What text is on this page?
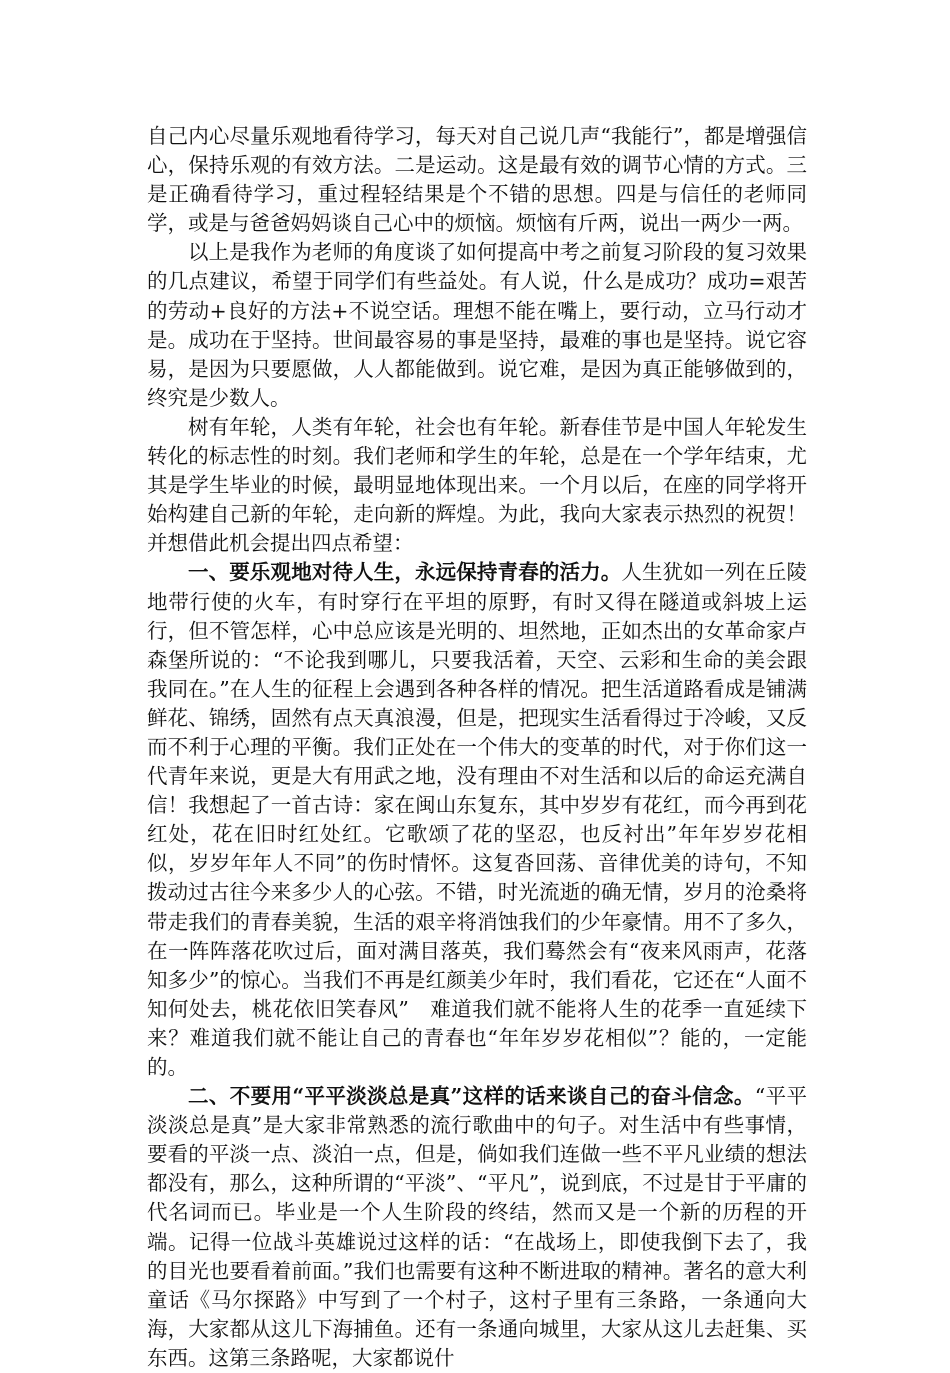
自己内心尽量乐观地看待学习，每天对自己说几声“我能行”，都是增强信心，保持乐观的有效方法。二是运动。这是最有效的调节心情的方式。三是正确看待学习，重过程轻结果是个不错的思想。四是与信任的老师同学，或是与爸爸妈妈谈自己心中的烦恼。烦恼有斤两，说出一两少一两。

以上是我作为老师的角度谈了如何提高中考之前复习阶段的复习效果的几点建议，希望于同学们有些益处。有人说，什么是成功？成功=艰苦的劳动+良好的方法+不说空话。理想不能在嘴上，要行动，立马行动才是。成功在于坚持。世间最容易的事是坚持，最难的事也是坚持。说它容易，是因为只要愿做，人人都能做到。说它难，是因为真正能够做到的，终究是少数人。

树有年轮，人类有年轮，社会也有年轮。新春佳节是中国人年轮发生转化的标志性的时刻。我们老师和学生的年轮，总是在一个学年结束，尤其是学生毕业的时候，最明显地体现出来。一个月以后，在座的同学将开始构建自己新的年轮，走向新的辉煌。为此，我向大家表示热烈的祝贺！并想借此机会提出四点希望：

一、要乐观地对待人生，永远保持青春的活力。人生犹如一列在丘陵地带行使的火车，有时穿行在平坦的原野，有时又得在隧道或斜坡上运行，但不管怎样，心中总应该是光明的、坦然地，正如杰出的女革命家卢森堡所说的：“不论我到哪儿，只要我活着，天空、云彩和生命的美会跟我同在。”在人生的征程上会遇到各种各样的情况。把生活道路看成是铺满鲜花、锦绣，固然有点天真浪漫，但是，把现实生活看得过于冷峻，又反而不利于心理的平衡。我们正处在一个伟大的变革的时代，对于你们这一代青年来说，更是大有用武之地，没有理由不对生活和以后的命运充满自信！我想起了一首古诗：家在闽山东复东，其中岁岁有花红，而今再到花红处，花在旧时红处红。它歌颂了花的坚忍，也反衬出”年年岁岁花相似，岁岁年年人不同”的伤时情怀。这复沓回荡、音律优美的诗句，不知拨动过古往今来多少人的心弦。不错，时光流逝的确无情，岁月的沧桑将带走我们的青春美貌，生活的艰辛将消蚀我们的少年豪情。用不了多久，在一阵阵落花吹过后，面对满目落英，我们蓦然会有“夜来风雨声，花落知多少”的惊心。当我们不再是红颜美少年时，我们看花，它还在“人面不知何处去，桃花依旧笑春风”　难道我们就不能将人生的花季一直延续下来？难道我们就不能让自己的青春也“年年岁岁花相似”？能的，一定能的。

二、不要用“平平淡淡总是真”这样的话来谈自己的奋斗信念。“平平淡淡总是真”是大家非常熟悉的流行歌曲中的句子。对生活中有些事情，要看的平淡一点、淡泊一点，但是，倘如我们连做一些不平凡业绩的想法都没有，那么，这种所谓的“平淡”、“平凡”，说到底，不过是甘于平庸的代名词而已。毕业是一个人生阶段的终结，然而又是一个新的历程的开端。记得一位战斗英雄说过这样的话：“在战场上，即使我倒下去了，我的目光也要看着前面。”我们也需要有这种不断进取的精神。著名的意大利童话《马尔探路》中写到了一个村子，这村子里有三条路，一条通向大海，大家都从这儿下海捕鱼。还有一条通向城里，大家从这儿去赶集、买东西。这第三条路呢，大家都说什
